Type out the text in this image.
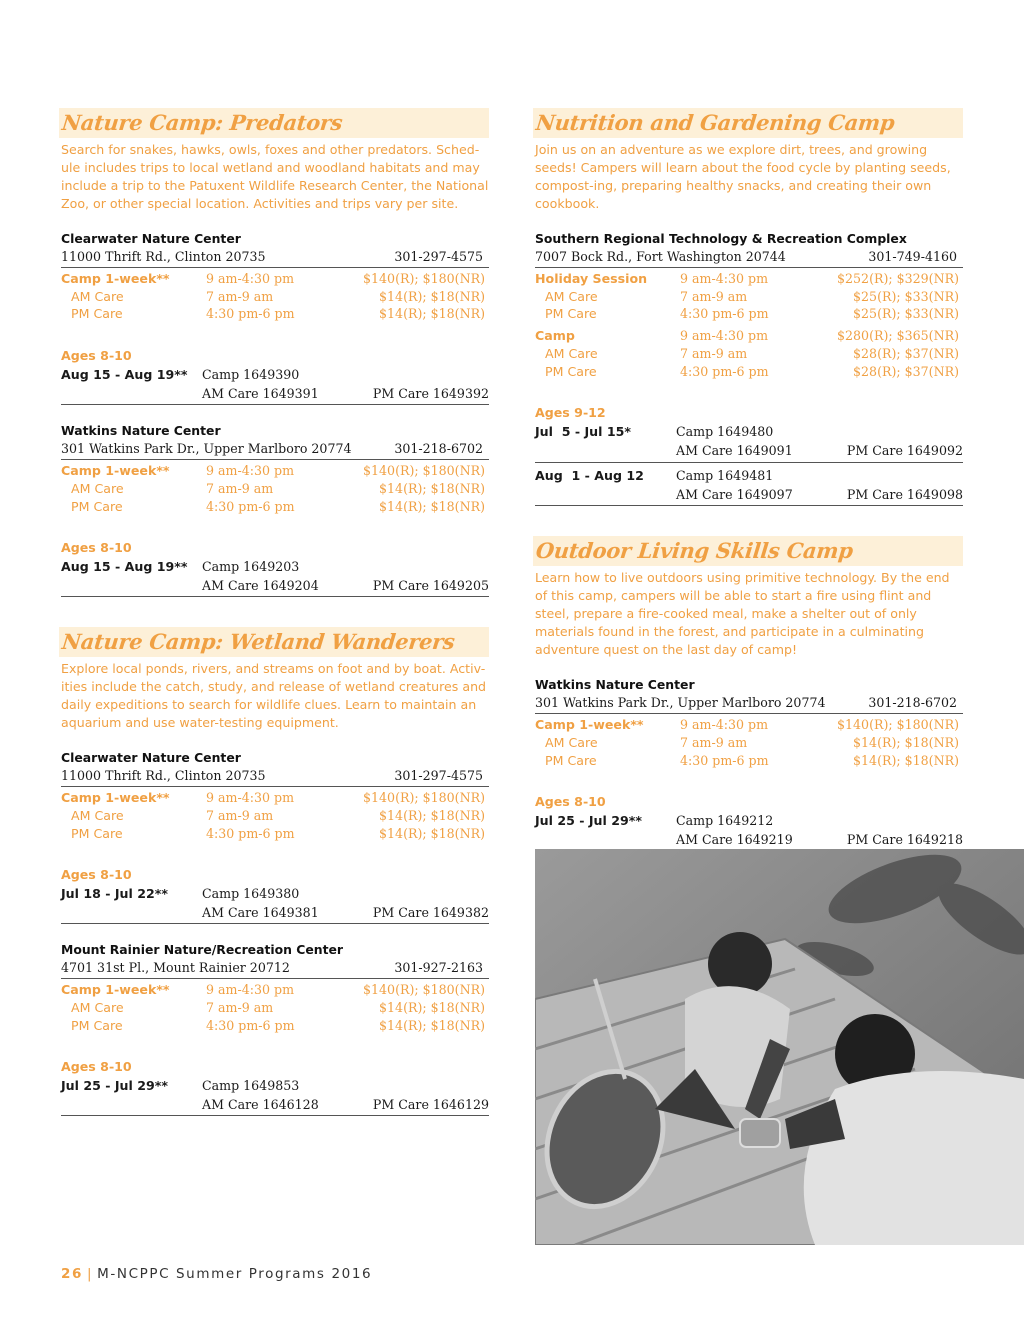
Nature Camp: Predators

Search for snakes, hawks, owls, foxes and other predators. Sched-ule includes trips to local wetland and woodland habitats and may include a trip to the Patuxent Wildlife Research Center, the National Zoo, or other special location. Activities and trips vary per site.

Clearwater Nature Center
11000 Thrift Rd., Clinton 20735	301-297-4575
Camp 1-week**	9 am-4:30 pm	$140(R); $180(NR)
AM Care	7 am-9 am	$14(R); $18(NR)
PM Care	4:30 pm-6 pm	$14(R); $18(NR)
Ages 8-10
Aug 15 - Aug 19**	Camp 1649390
AM Care 1649391	PM Care 1649392
Watkins Nature Center
301 Watkins Park Dr., Upper Marlboro 20774	301-218-6702
Camp 1-week**	9 am-4:30 pm	$140(R); $180(NR)
AM Care	7 am-9 am	$14(R); $18(NR)
PM Care	4:30 pm-6 pm	$14(R); $18(NR)
Ages 8-10
Aug 15 - Aug 19**	Camp 1649203
AM Care 1649204	PM Care 1649205
Nature Camp: Wetland Wanderers

Explore local ponds, rivers, and streams on foot and by boat. Activ-ities include the catch, study, and release of wetland creatures and daily expeditions to search for wildlife clues. Learn to maintain an aquarium and use water-testing equipment.

Clearwater Nature Center
11000 Thrift Rd., Clinton 20735	301-297-4575
Camp 1-week**	9 am-4:30 pm	$140(R); $180(NR)
AM Care	7 am-9 am	$14(R); $18(NR)
PM Care	4:30 pm-6 pm	$14(R); $18(NR)
Ages 8-10
Jul 18 - Jul 22**	Camp 1649380
AM Care 1649381	PM Care 1649382
Mount Rainier Nature/Recreation Center
4701 31st Pl., Mount Rainier 20712	301-927-2163
Camp 1-week**	9 am-4:30 pm	$140(R); $180(NR)
AM Care	7 am-9 am	$14(R); $18(NR)
PM Care	4:30 pm-6 pm	$14(R); $18(NR)
Ages 8-10
Jul 25 - Jul 29**	Camp 1649853
AM Care 1646128	PM Care 1646129
Nutrition and Gardening Camp

Join us on an adventure as we explore dirt, trees, and growing seeds! Campers will learn about the food cycle by planting seeds, compost-ing, preparing healthy snacks, and creating their own cookbook.

Southern Regional Technology & Recreation Complex
7007 Bock Rd., Fort Washington 20744	301-749-4160
Holiday Session	9 am-4:30 pm	$252(R); $329(NR)
AM Care	7 am-9 am	$25(R); $33(NR)
PM Care	4:30 pm-6 pm	$25(R); $33(NR)
Camp	9 am-4:30 pm	$280(R); $365(NR)
AM Care	7 am-9 am	$28(R); $37(NR)
PM Care	4:30 pm-6 pm	$28(R); $37(NR)
Ages 9-12
Jul  5 - Jul 15*	Camp 1649480
AM Care 1649091	PM Care 1649092
Aug  1 - Aug 12	Camp 1649481
AM Care 1649097	PM Care 1649098
Outdoor Living Skills Camp

Learn how to live outdoors using primitive technology. By the end of this camp, campers will be able to start a fire using flint and steel, prepare a fire-cooked meal, make a shelter out of only materials found in the forest, and participate in a culminating adventure quest on the last day of camp!

Watkins Nature Center
301 Watkins Park Dr., Upper Marlboro 20774	301-218-6702
Camp 1-week**	9 am-4:30 pm	$140(R); $180(NR)
AM Care	7 am-9 am	$14(R); $18(NR)
PM Care	4:30 pm-6 pm	$14(R); $18(NR)
Ages 8-10
Jul 25 - Jul 29**	Camp 1649212
AM Care 1649219	PM Care 1649218
26 | M-NCPPC Summer Programs 2016
